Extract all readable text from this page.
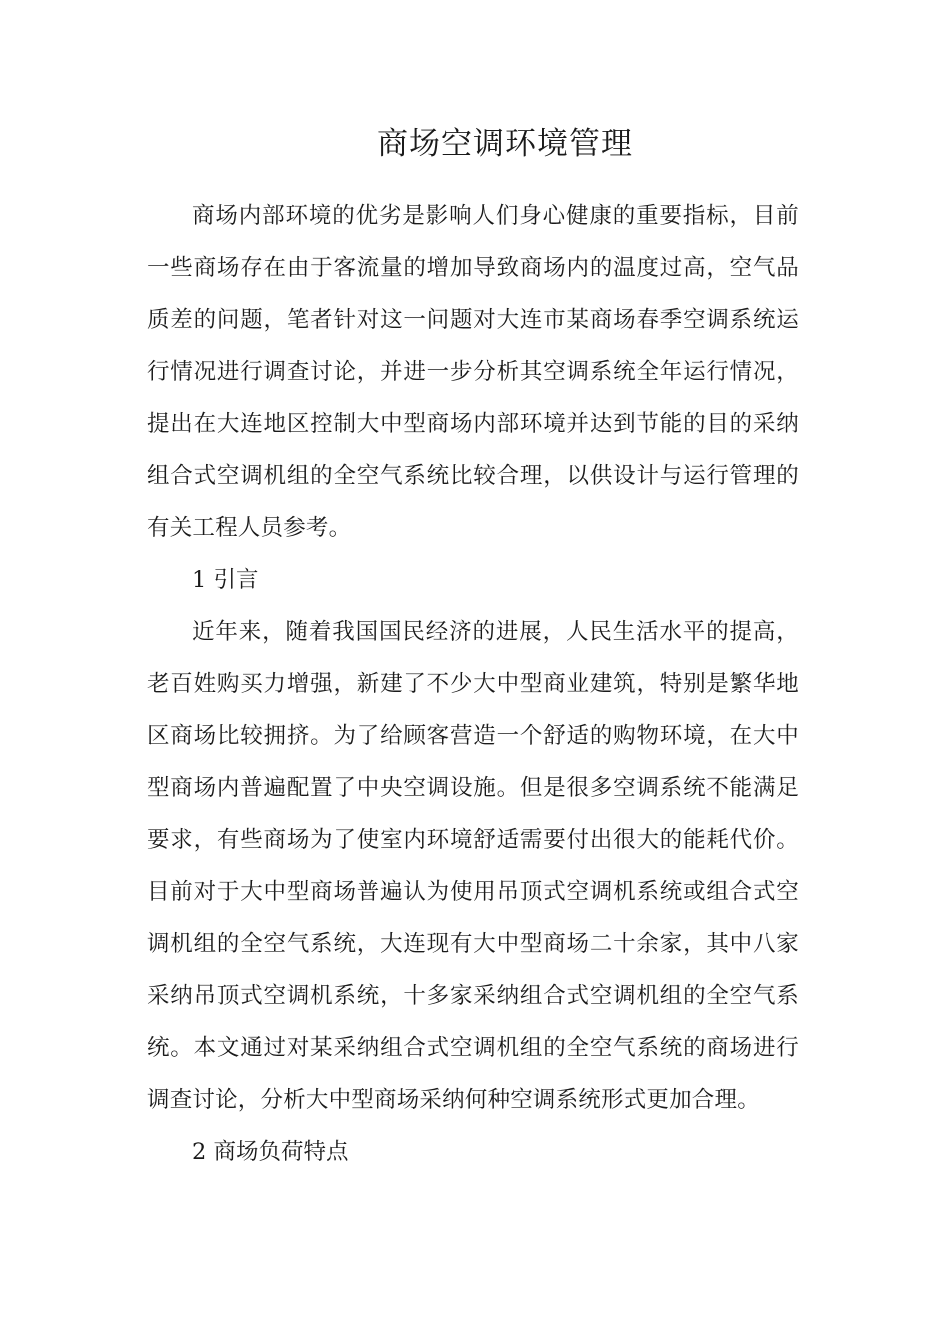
商场空调环境管理

商场内部环境的优劣是影响人们身心健康的重要指标，目前一些商场存在由于客流量的增加导致商场内的温度过高，空气品质差的问题，笔者针对这一问题对大连市某商场春季空调系统运行情况进行调查讨论，并进一步分析其空调系统全年运行情况，提出在大连地区控制大中型商场内部环境并达到节能的目的采纳组合式空调机组的全空气系统比较合理，以供设计与运行管理的有关工程人员参考。

1 引言

近年来，随着我国国民经济的进展，人民生活水平的提高，老百姓购买力增强，新建了不少大中型商业建筑，特别是繁华地区商场比较拥挤。为了给顾客营造一个舒适的购物环境，在大中型商场内普遍配置了中央空调设施。但是很多空调系统不能满足要求，有些商场为了使室内环境舒适需要付出很大的能耗代价。目前对于大中型商场普遍认为使用吊顶式空调机系统或组合式空调机组的全空气系统，大连现有大中型商场二十余家，其中八家采纳吊顶式空调机系统，十多家采纳组合式空调机组的全空气系统。本文通过对某采纳组合式空调机组的全空气系统的商场进行调查讨论，分析大中型商场采纳何种空调系统形式更加合理。

2 商场负荷特点
